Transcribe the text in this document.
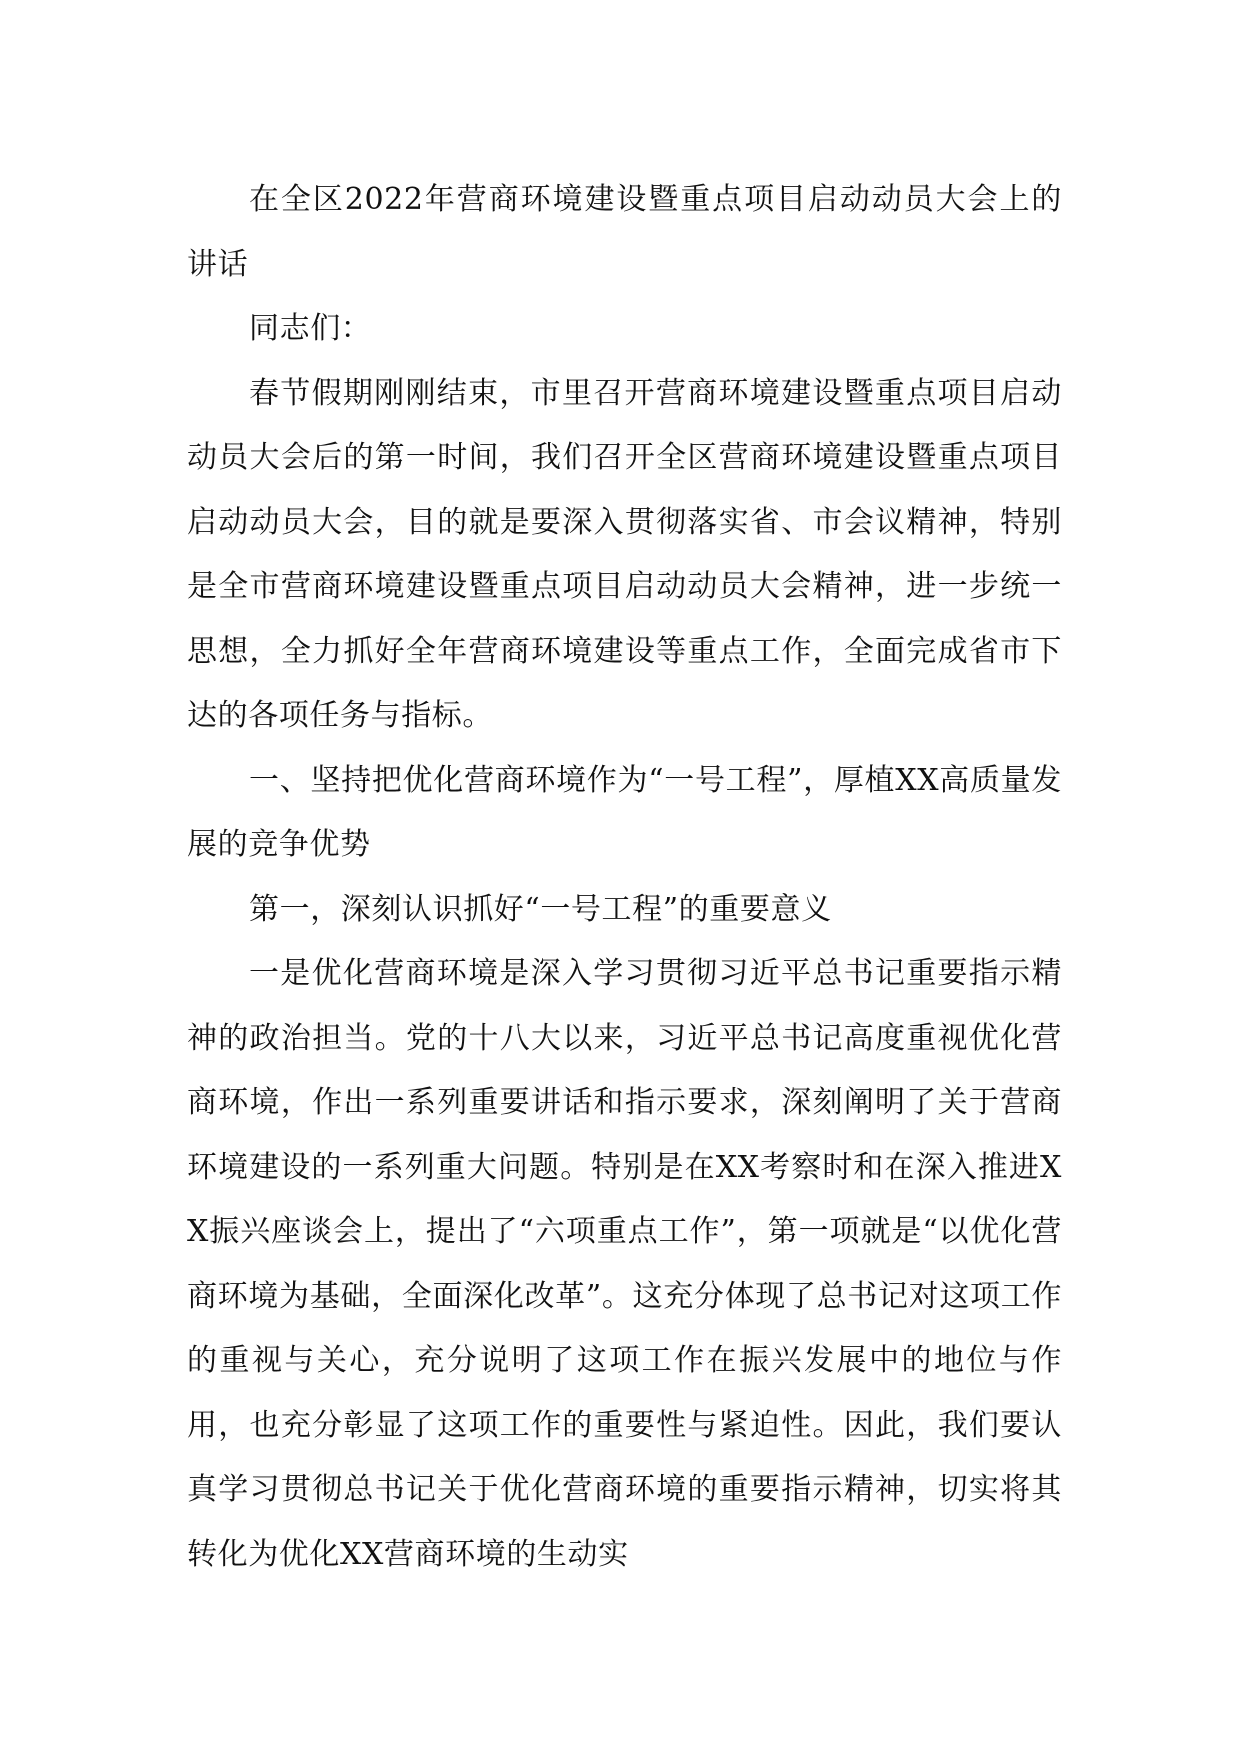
在全区2022年营商环境建设暨重点项目启动动员大会上的讲话

同志们：

春节假期刚刚结束，市里召开营商环境建设暨重点项目启动动员大会后的第一时间，我们召开全区营商环境建设暨重点项目启动动员大会，目的就是要深入贯彻落实省、市会议精神，特别是全市营商环境建设暨重点项目启动动员大会精神，进一步统一思想，全力抓好全年营商环境建设等重点工作，全面完成省市下达的各项任务与指标。

一、坚持把优化营商环境作为“一号工程”，厚植XX高质量发展的竞争优势

第一，深刻认识抓好“一号工程”的重要意义

一是优化营商环境是深入学习贯彻习近平总书记重要指示精神的政治担当。党的十八大以来，习近平总书记高度重视优化营商环境，作出一系列重要讲话和指示要求，深刻阐明了关于营商环境建设的一系列重大问题。特别是在XX考察时和在深入推进XX振兴座谈会上，提出了“六项重点工作”，第一项就是“以优化营商环境为基础，全面深化改革”。这充分体现了总书记对这项工作的重视与关心，充分说明了这项工作在振兴发展中的地位与作用，也充分彰显了这项工作的重要性与紧迫性。因此，我们要认真学习贯彻总书记关于优化营商环境的重要指示精神，切实将其转化为优化XX营商环境的生动实
